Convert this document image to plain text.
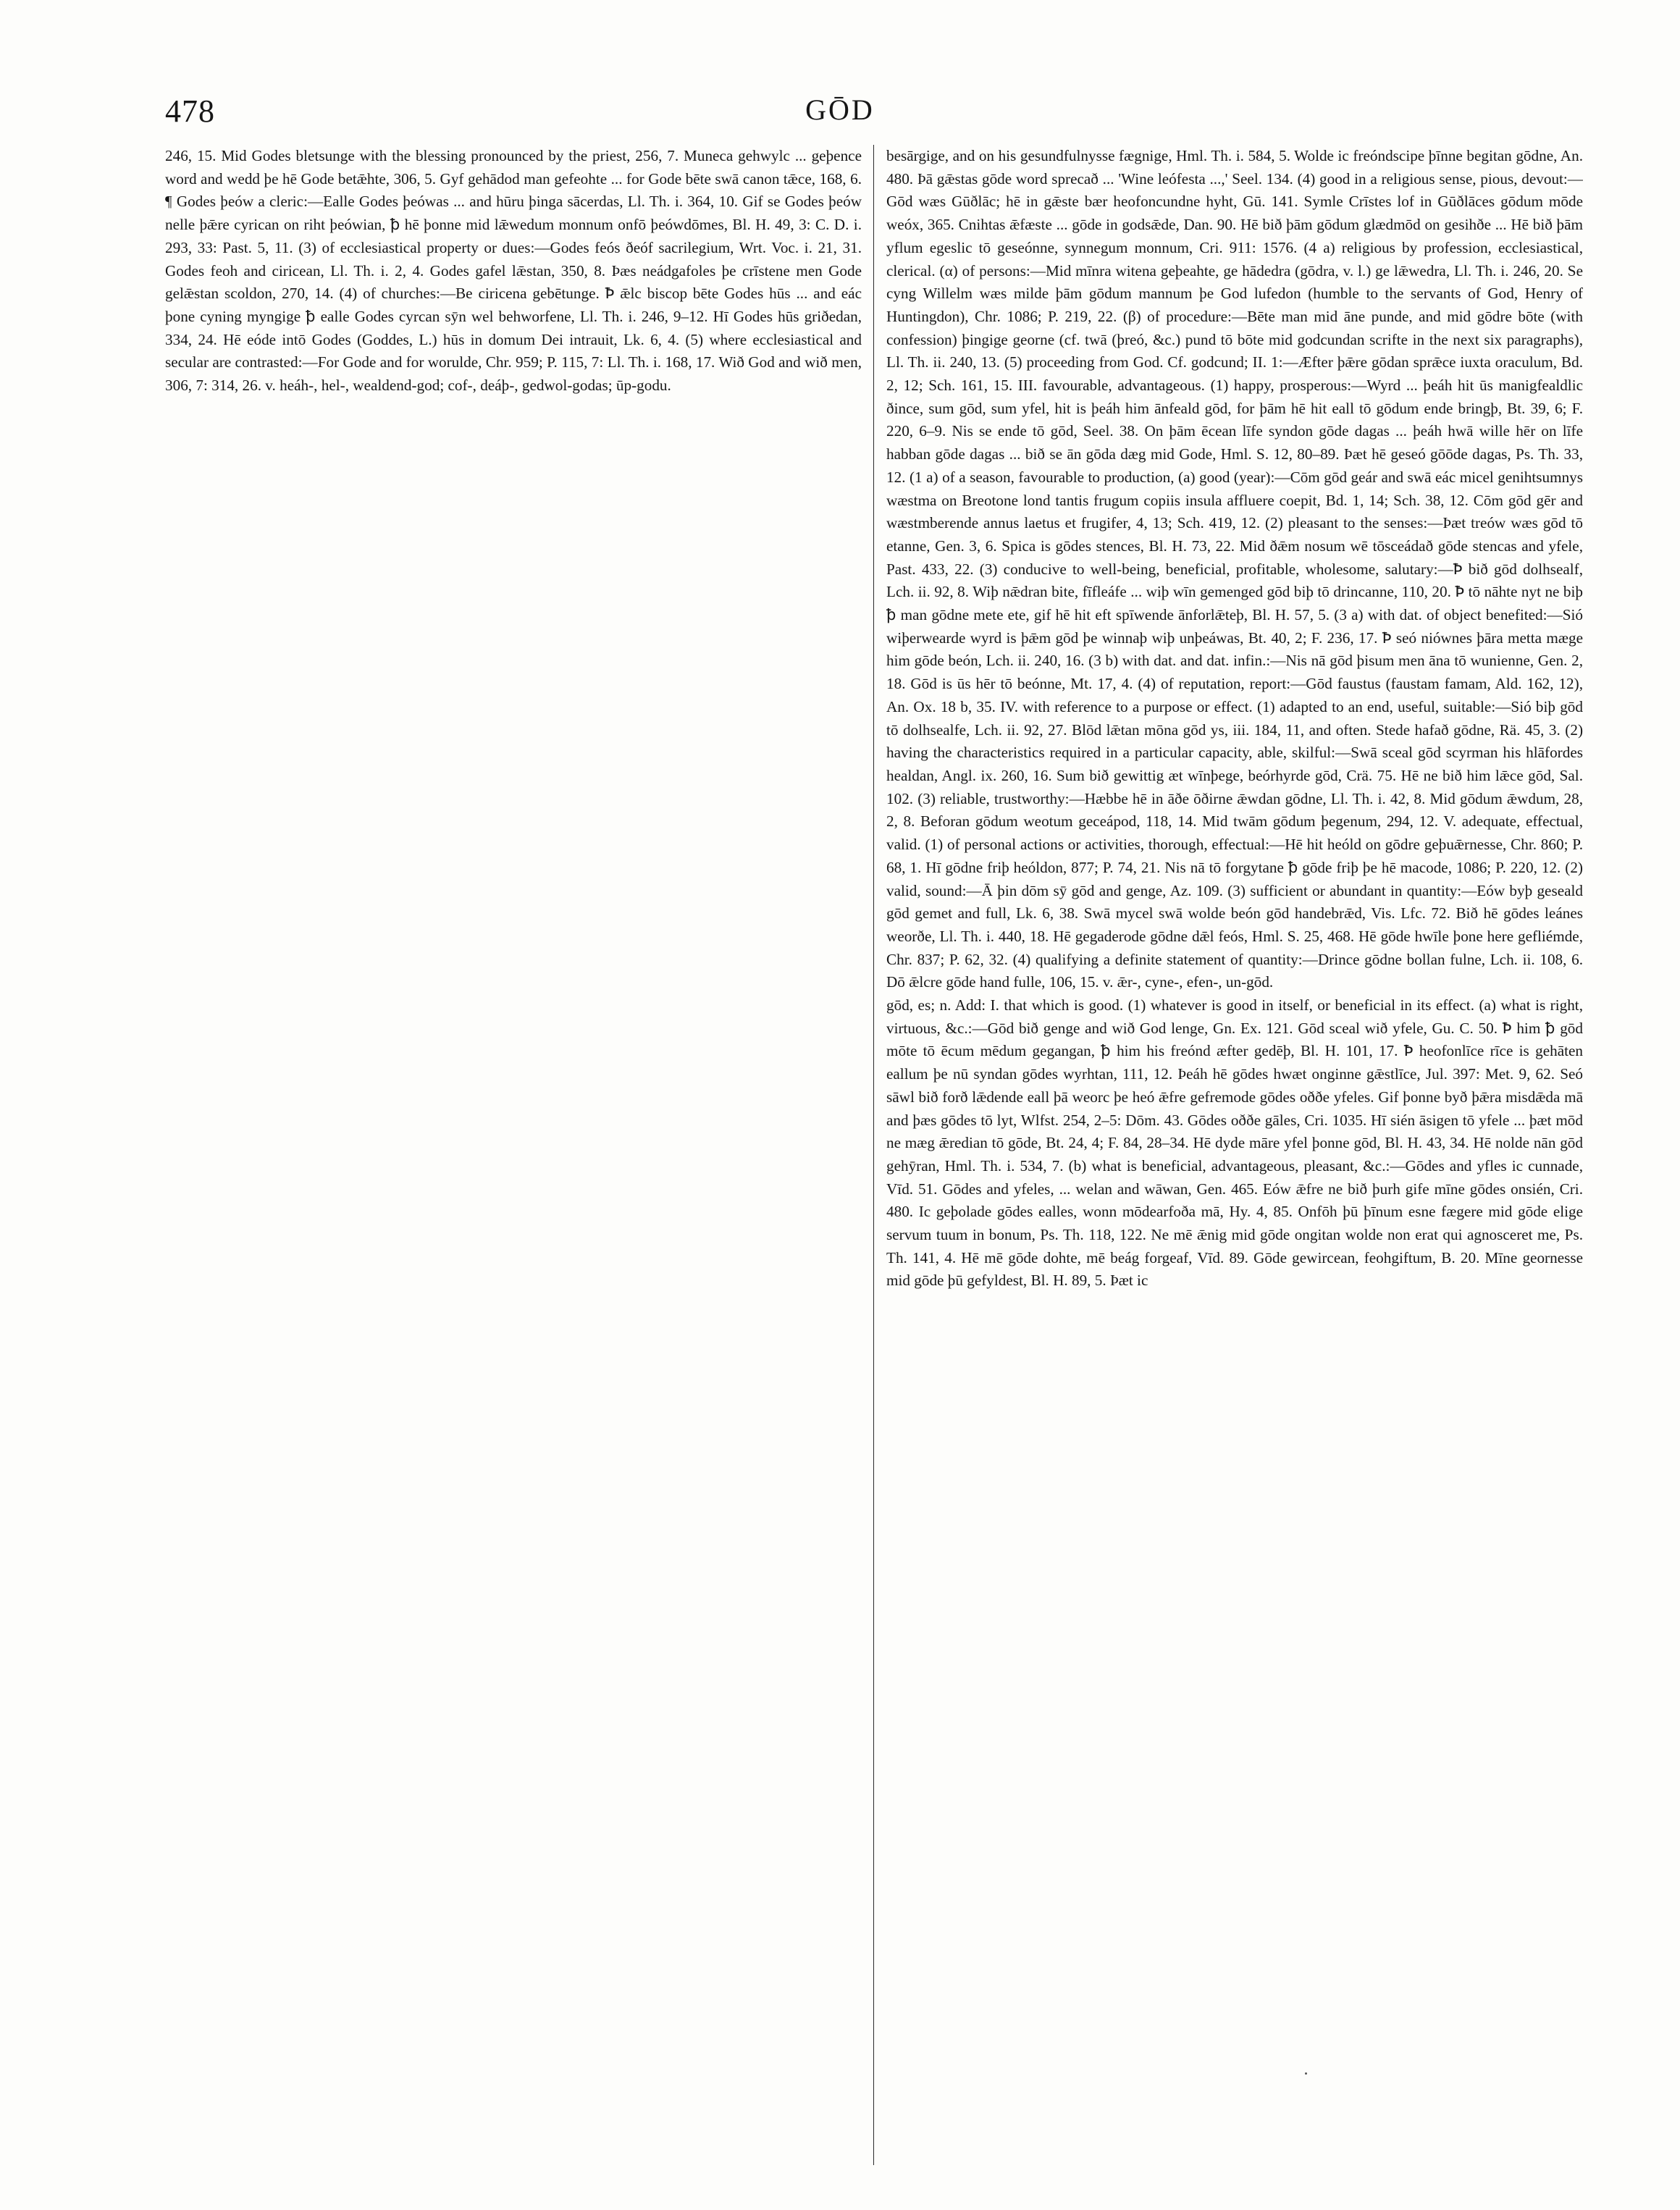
478	GŌD

246, 15. Mid Godes bletsunge with the blessing pronounced by the priest, 256, 7. Muneca gehwylc ... geþence word and wedd þe hē Gode betǣhte, 306, 5. Gyf gehādod man gefeohte ... for Gode bēte swā canon tǣce, 168, 6. ¶ Godes þeów a cleric:—Ealle Godes þeówas ... and hūru þinga sācerdas, Ll. Th. i. 364, 10. Gif se Godes þeów nelle þǣre cyrican on riht þeówian, ꝥ hē þonne mid lǣwedum monnum onfō þeówdōmes, Bl. H. 49, 3: C. D. i. 293, 33: Past. 5, 11. (3) of ecclesiastical property or dues:—Godes feós ðeóf sacrilegium, Wrt. Voc. i. 21, 31. Godes feoh and ciricean, Ll. Th. i. 2, 4. Godes gafel lǣstan, 350, 8. Þæs neádgafoles þe crīstene men Gode gelǣstan scoldon, 270, 14. (4) of churches:—Be ciricena gebētunge. Ꝥ ǣlc biscop bēte Godes hūs ... and eác þone cyning myngige ꝥ ealle Godes cyrcan sȳn wel behworfene, Ll. Th. i. 246, 9–12. Hī Godes hūs griðedan, 334, 24. Hē eóde intō Godes (Goddes, L.) hūs in domum Dei intrauit, Lk. 6, 4. (5) where ecclesiastical and secular are contrasted:—For Gode and for worulde, Chr. 959; P. 115, 7: Ll. Th. i. 168, 17. Wið God and wið men, 306, 7: 314, 26. v. heáh-, hel-, wealdend-god; cof-, deáþ-, gedwol-godas; ūp-godu.

besārgige, and on his gesundfulnysse fægnige, Hml. Th. i. 584, 5. Wolde ic freóndscipe þīnne begitan gōdne, An. 480. Þā gǣstas gōde word sprecað ... 'Wine leófesta ...,' Seel. 134. (4) good in a religious sense, pious, devout:—Gōd wæs Gūðlāc; hē in gǣste bær heofoncundne hyht, Gū. 141. Symle Crīstes lof in Gūðlāces gōdum mōde weóx, 365. Cnihtas ǣfæste ... gōde in godsǣde, Dan. 90. Hē bið þām gōdum glædmōd on gesihðe ... Hē bið þām yflum egeslic tō geseónne, synnegum monnum, Cri. 911: 1576. (4 a) religious by profession, ecclesiastical, clerical. (α) of persons:—Mid mīnra witena geþeahte, ge hādedra (gōdra, v. l.) ge lǣwedra, Ll. Th. i. 246, 20. Se cyng Willelm wæs milde þām gōdum mannum þe God lufedon (humble to the servants of God, Henry of Huntingdon), Chr. 1086; P. 219, 22. (β) of procedure:—Bēte man mid āne punde, and mid gōdre bōte (with confession) þingige georne (cf. twā (þreó, &c.) pund tō bōte mid godcundan scrifte in the next six paragraphs), Ll. Th. ii. 240, 13. (5) proceeding from God. Cf. godcund; II. 1:—Æfter þǣre gōdan sprǣce iuxta oraculum, Bd. 2, 12; Sch. 161, 15. III. favourable, advantageous. (1) happy, prosperous:—Wyrd ... þeáh hit ūs manigfealdlic ðince, sum gōd, sum yfel, hit is þeáh him ānfeald gōd, for þām hē hit eall tō gōdum ende bringþ, Bt. 39, 6; F. 220, 6–9. Nis se ende tō gōd, Seel. 38. On þām ēcean līfe syndon gōde dagas ... þeáh hwā wille hēr on līfe habban gōde dagas ... bið se ān gōda dæg mid Gode, Hml. S. 12, 80–89. Þæt hē geseó gōōde dagas, Ps. Th. 33, 12. (1 a) of a season, favourable to production, (a) good (year):—Cōm gōd geár and swā eác micel genihtsumnys wæstma on Breotone lond tantis frugum copiis insula affluere coepit, Bd. 1, 14; Sch. 38, 12. Cōm gōd gēr and wæstmberende annus laetus et frugifer, 4, 13; Sch. 419, 12. (2) pleasant to the senses:—Þæt treów wæs gōd tō etanne, Gen. 3, 6. Spica is gōdes stences, Bl. H. 73, 22. Mid ðǣm nosum wē tōsceádað gōde stencas and yfele, Past. 433, 22. (3) conducive to well-being, beneficial, profitable, wholesome, salutary:—Ꝥ bið gōd dolhsealf, Lch. ii. 92, 8. Wiþ nǣdran bite, fīfleáfe ... wiþ wīn gemenged gōd biþ tō drincanne, 110, 20. Ꝥ tō nāhte nyt ne biþ ꝥ man gōdne mete ete, gif hē hit eft spīwende ānforlǣteþ, Bl. H. 57, 5. (3 a) with dat. of object benefited:—Sió wiþerwearde wyrd is þǣm gōd þe winnaþ wiþ unþeáwas, Bt. 40, 2; F. 236, 17. Ꝥ seó niównes þāra metta mæge him gōde beón, Lch. ii. 240, 16. (3 b) with dat. and dat. infin.:—Nis nā gōd þisum men āna tō wunienne, Gen. 2, 18. Gōd is ūs hēr tō beónne, Mt. 17, 4. (4) of reputation, report:—Gōd faustus (faustam famam, Ald. 162, 12), An. Ox. 18 b, 35. IV. with reference to a purpose or effect. (1) adapted to an end, useful, suitable:—Sió biþ gōd tō dolhsealfe, Lch. ii. 92, 27. Blōd lǣtan mōna gōd ys, iii. 184, 11, and often. Stede hafað gōdne, Rä. 45, 3. (2) having the characteristics required in a particular capacity, able, skilful:—Swā sceal gōd scyrman his hlāfordes healdan, Angl. ix. 260, 16. Sum bið gewittig æt wīnþege, beórhyrde gōd, Crä. 75. Hē ne bið him lǣce gōd, Sal. 102. (3) reliable, trustworthy:—Hæbbe hē in āðe ōðirne ǣwdan gōdne, Ll. Th. i. 42, 8. Mid gōdum ǣwdum, 28, 2, 8. Beforan gōdum weotum geceápod, 118, 14. Mid twām gōdum þegenum, 294, 12. V. adequate, effectual, valid. (1) of personal actions or activities, thorough, effectual:—Hē hit heóld on gōdre geþuǣrnesse, Chr. 860; P. 68, 1. Hī gōdne friþ heóldon, 877; P. 74, 21. Nis nā tō forgytane ꝥ gōde friþ þe hē macode, 1086; P. 220, 12. (2) valid, sound:—Ā þin dōm sȳ gōd and genge, Az. 109. (3) sufficient or abundant in quantity:—Eów byþ geseald gōd gemet and full, Lk. 6, 38. Swā mycel swā wolde beón gōd handebrǣd, Vis. Lfc. 72. Bið hē gōdes leánes weorðe, Ll. Th. i. 440, 18. Hē gegaderode gōdne dǣl feós, Hml. S. 25, 468. Hē gōde hwīle þone here gefliémde, Chr. 837; P. 62, 32. (4) qualifying a definite statement of quantity:—Drince gōdne bollan fulne, Lch. ii. 108, 6. Dō ǣlcre gōde hand fulle, 106, 15. v. ǣr-, cyne-, efen-, un-gōd.

gōd, es; n. Add: I. that which is good. (1) whatever is good in itself, or beneficial in its effect. (a) what is right, virtuous, &c.:—Gōd bið genge and wið God lenge, Gn. Ex. 121. Gōd sceal wið yfele, Gu. C. 50. Ꝥ him ꝥ gōd mōte tō ēcum mēdum gegangan, ꝥ him his freónd æfter gedēþ, Bl. H. 101, 17. Ꝥ heofonlīce rīce is gehāten eallum þe nū syndan gōdes wyrhtan, 111, 12. Þeáh hē gōdes hwæt onginne gǣstlīce, Jul. 397: Met. 9, 62. Seó sāwl bið forð lǣdende eall þā weorc þe heó ǣfre gefremode gōdes oððe yfeles. Gif þonne byð þǣra misdǣda mā and þæs gōdes tō lyt, Wlfst. 254, 2–5: Dōm. 43. Gōdes oððe gāles, Cri. 1035. Hī sién āsigen tō yfele ... þæt mōd ne mæg ǣredian tō gōde, Bt. 24, 4; F. 84, 28–34. Hē dyde māre yfel þonne gōd, Bl. H. 43, 34. Hē nolde nān gōd gehȳran, Hml. Th. i. 534, 7. (b) what is beneficial, advantageous, pleasant, &c.:—Gōdes and yfles ic cunnade, Vīd. 51. Gōdes and yfeles, ... welan and wāwan, Gen. 465. Eów ǣfre ne bið þurh gife mīne gōdes onsién, Cri. 480. Ic geþolade gōdes ealles, wonn mōdearfoða mā, Hy. 4, 85. Onfōh þū þīnum esne fægere mid gōde elige servum tuum in bonum, Ps. Th. 118, 122. Ne mē ǣnig mid gōde ongitan wolde non erat qui agnosceret me, Ps. Th. 141, 4. Hē mē gōde dohte, mē beág forgeaf, Vīd. 89. Gōde gewircean, feohgiftum, B. 20. Mīne geornesse mid gōde þū gefyldest, Bl. H. 89, 5. Þæt ic
